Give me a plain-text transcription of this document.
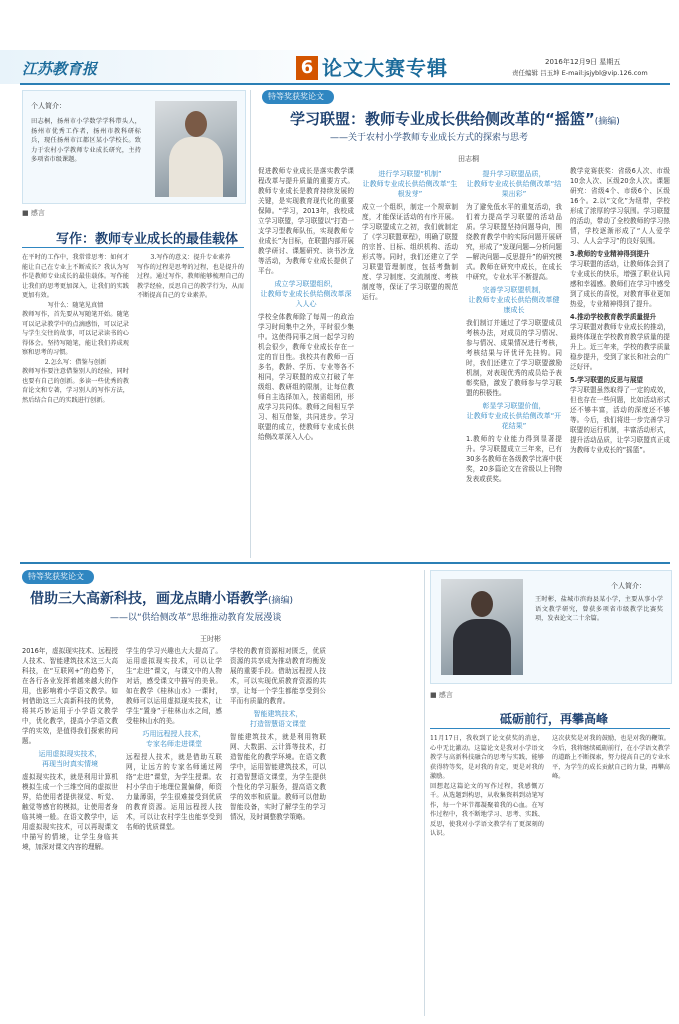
江苏教育报	6 论文大赛专辑	2016年12月9日 星期五
责任编辑 吕玉坤 E-mail:jsjybl@vip.126.com
个人简介：
田志桐，扬州市小学数学学科带头人，扬州市优秀工作者，扬州市教科研标兵，现任扬州市江都区某小学校长。致力于农村小学教师专业成长研究，主持多项省市级课题。
■ 感言
写作：教师专业成长的最佳载体
在平时的工作中，我常常思考：如何才能让自己在专业上不断成长？我认为写作是教师专业成长的最佳载体。写作能让我们的思考更加深入，让我们的实践更加有效。

写什么：随笔见真情
教师写作，首先要从写随笔开始。随笔可以记录教学中的点滴感悟，可以记录与学生交往的故事，可以记录读书的心得体会。坚持写随笔，能让我们养成观察和思考的习惯。

2.怎么写：借鉴与创新
教师写作要注意借鉴别人的经验，同时也要有自己的创新。多读一些优秀的教育论文和专著，学习别人的写作方法，然后结合自己的实践进行创新。
3.写作的意义：提升专业素养
写作的过程是思考的过程，也是提升的过程。通过写作，教师能够梳理自己的教学经验，反思自己的教学行为，从而不断提高自己的专业素养。
特等奖获奖论文
学习联盟：教师专业成长供给侧改革的“摇篮”(摘编)
——关于农村小学教师专业成长方式的探索与思考
田志桐
促进教师专业成长是落实教学课程改革与提升质量的重要方式。教师专业成长是教育持续发展的关键，是实现教育现代化的重要保障。“学习，2013年，我校成立学习联盟，学习联盟以“打造一支学习型教师队伍，实现教师专业成长”为目标，在联盟内部开展教学研讨、课题研究、读书沙龙等活动，为教师专业成长提供了平台。
成立学习联盟组织，
让教师专业成长供给侧改革深入人心
学校全体教师除了每周一的政治学习时间集中之外，平时很少集中。这使得同事之间一起学习的机会很少，教师专业成长存在一定的盲目性。我校共有教师一百多名，教龄、学历、专业等各不相同，学习联盟的成立打破了年级组、教研组的限制，让每位教师自主选择加入，按需组团，形成学习共同体。教师之间相互学习、相互借鉴，共同进步。学习联盟的成立，使教师专业成长供给侧改革深入人心。
进行学习联盟“机制”
让教师专业成长供给侧改革“生根发芽”
成立一个组织，制定一个规章制度，才能保证活动的有序开展。学习联盟成立之初，我们就制定了《学习联盟章程》，明确了联盟的宗旨、目标、组织机构、活动形式等。同时，我们还建立了学习联盟管理制度，包括考勤制度、学习制度、交流制度、考核制度等，保证了学习联盟的规范运行。
提升学习联盟品质，
让教师专业成长供给侧改革“结果出彩”
为了避免低水平的重复活动，我们着力提高学习联盟的活动品质。学习联盟坚持问题导向，围绕教育教学中的实际问题开展研究，形成了“发现问题—分析问题—解决问题—反思提升”的研究模式。教师在研究中成长，在成长中研究，专业水平不断提高。
完善学习联盟机制，
让教师专业成长供给侧改革健康成长
我们制订并通过了学习联盟成员考核办法，对成员的学习情况、参与情况、成果情况进行考核，考核结果与评优评先挂钩。同时，我们还建立了学习联盟激励机制，对表现优秀的成员给予表彰奖励，激发了教师参与学习联盟的积极性。
彰显学习联盟价值，
让教师专业成长供给侧改革“开花结果”
1.教师的专业能力得到显著提升。学习联盟成立三年来，已有30多名教师在各级教学比赛中获奖，20多篇论文在省级以上刊物发表或获奖。
教学竞赛获奖：省级6人次、市级10余人次、区级20余人次。课题研究：省级4个、市级6个、区级16个。2.以“文化”为纽带，学校形成了浓厚的学习氛围。学习联盟的活动，带动了全校教师的学习热情，学校逐渐形成了“人人爱学习、人人会学习”的良好氛围。
3.教师的专业精神得到提升
学习联盟的活动，让教师体会到了专业成长的快乐，增强了职业认同感和幸福感。教师们在学习中感受到了成长的喜悦，对教育事业更加热爱，专业精神得到了提升。
4.推动学校教育教学质量提升
学习联盟对教师专业成长的推动，最终体现在学校教育教学质量的提升上。近三年来，学校的教学质量稳步提升，受到了家长和社会的广泛好评。
5.学习联盟的反思与展望
学习联盟虽然取得了一定的成效，但也存在一些问题，比如活动形式还不够丰富，活动的深度还不够等。今后，我们将进一步完善学习联盟的运行机制，丰富活动形式，提升活动品质，让学习联盟真正成为教师专业成长的“摇篮”。
特等奖获奖论文
借助三大高新科技，画龙点睛小语教学(摘编)
——以“供给侧改革”思维推动教育发展漫谈
王时彬
2016年，虚拟现实技术、远程授人技术、智能建筑技术这三大高科技，在“互联网+”的趋势下，在各行各业发挥着越来越大的作用，也影响着小学语文教学。如何借助这三大高新科技的优势，将其巧妙运用于小学语文教学中，优化教学，提高小学语文教学的实效，是值得我们探索的问题。
运用虚拟现实技术，
再现当时真实情境
虚拟现实技术，就是利用计算机模拟生成一个三维空间的虚拟世界，给使用者提供视觉、听觉、触觉等感官的模拟，让使用者身临其境一般。在语文教学中，运用虚拟现实技术，可以再现课文中描写的情境，让学生身临其境，加深对课文内容的理解。
学生的学习兴趣也大大提高了。运用虚拟现实技术，可以让学生“走进”课文，与课文中的人物对话，感受课文中描写的美景。如在教学《桂林山水》一课时，教师可以运用虚拟现实技术，让学生“置身”于桂林山水之间，感受桂林山水的美。
巧用远程授人技术，
专家名师走进课堂
远程授人技术，就是借助互联网，让远方的专家名师通过网络“走进”课堂，为学生授课。农村小学由于地理位置偏僻，师资力量薄弱，学生很难接受到优质的教育资源。运用远程授人技术，可以让农村学生也能享受到名师的优质课堂。
学校的教育资源相对匮乏，优质资源的共享成为推动教育均衡发展的重要手段。借助远程授人技术，可以实现优质教育资源的共享，让每一个学生都能享受到公平而有质量的教育。
智能建筑技术，
打造智慧语文课堂
智能建筑技术，就是利用物联网、大数据、云计算等技术，打造智能化的教学环境。在语文教学中，运用智能建筑技术，可以打造智慧语文课堂，为学生提供个性化的学习服务，提高语文教学的效率和质量。教师可以借助智能设备，实时了解学生的学习情况，及时调整教学策略。
个人简介：
王时彬，盐城市滨海县某小学，主要从事小学语文教学研究，曾获多项省市级教学比赛奖项，发表论文二十余篇。
■ 感言
砥砺前行，再攀高峰
11月17日，我收到了论文获奖的消息，心中无比激动。这篇论文是我对小学语文教学与高新科技融合的思考与实践，能够获得特等奖，是对我的肯定，更是对我的激励。
回想起这篇论文的写作过程，我感慨万千。从选题到构思，从收集资料到动笔写作，每一个环节都凝聚着我的心血。在写作过程中，我不断地学习、思考、实践、反思，使我对小学语文教学有了更深刻的认识。
这次获奖是对我的鼓励，也是对我的鞭策。今后，我将继续砥砺前行，在小学语文教学的道路上不断探索，努力提高自己的专业水平，为学生的成长贡献自己的力量，再攀高峰。
